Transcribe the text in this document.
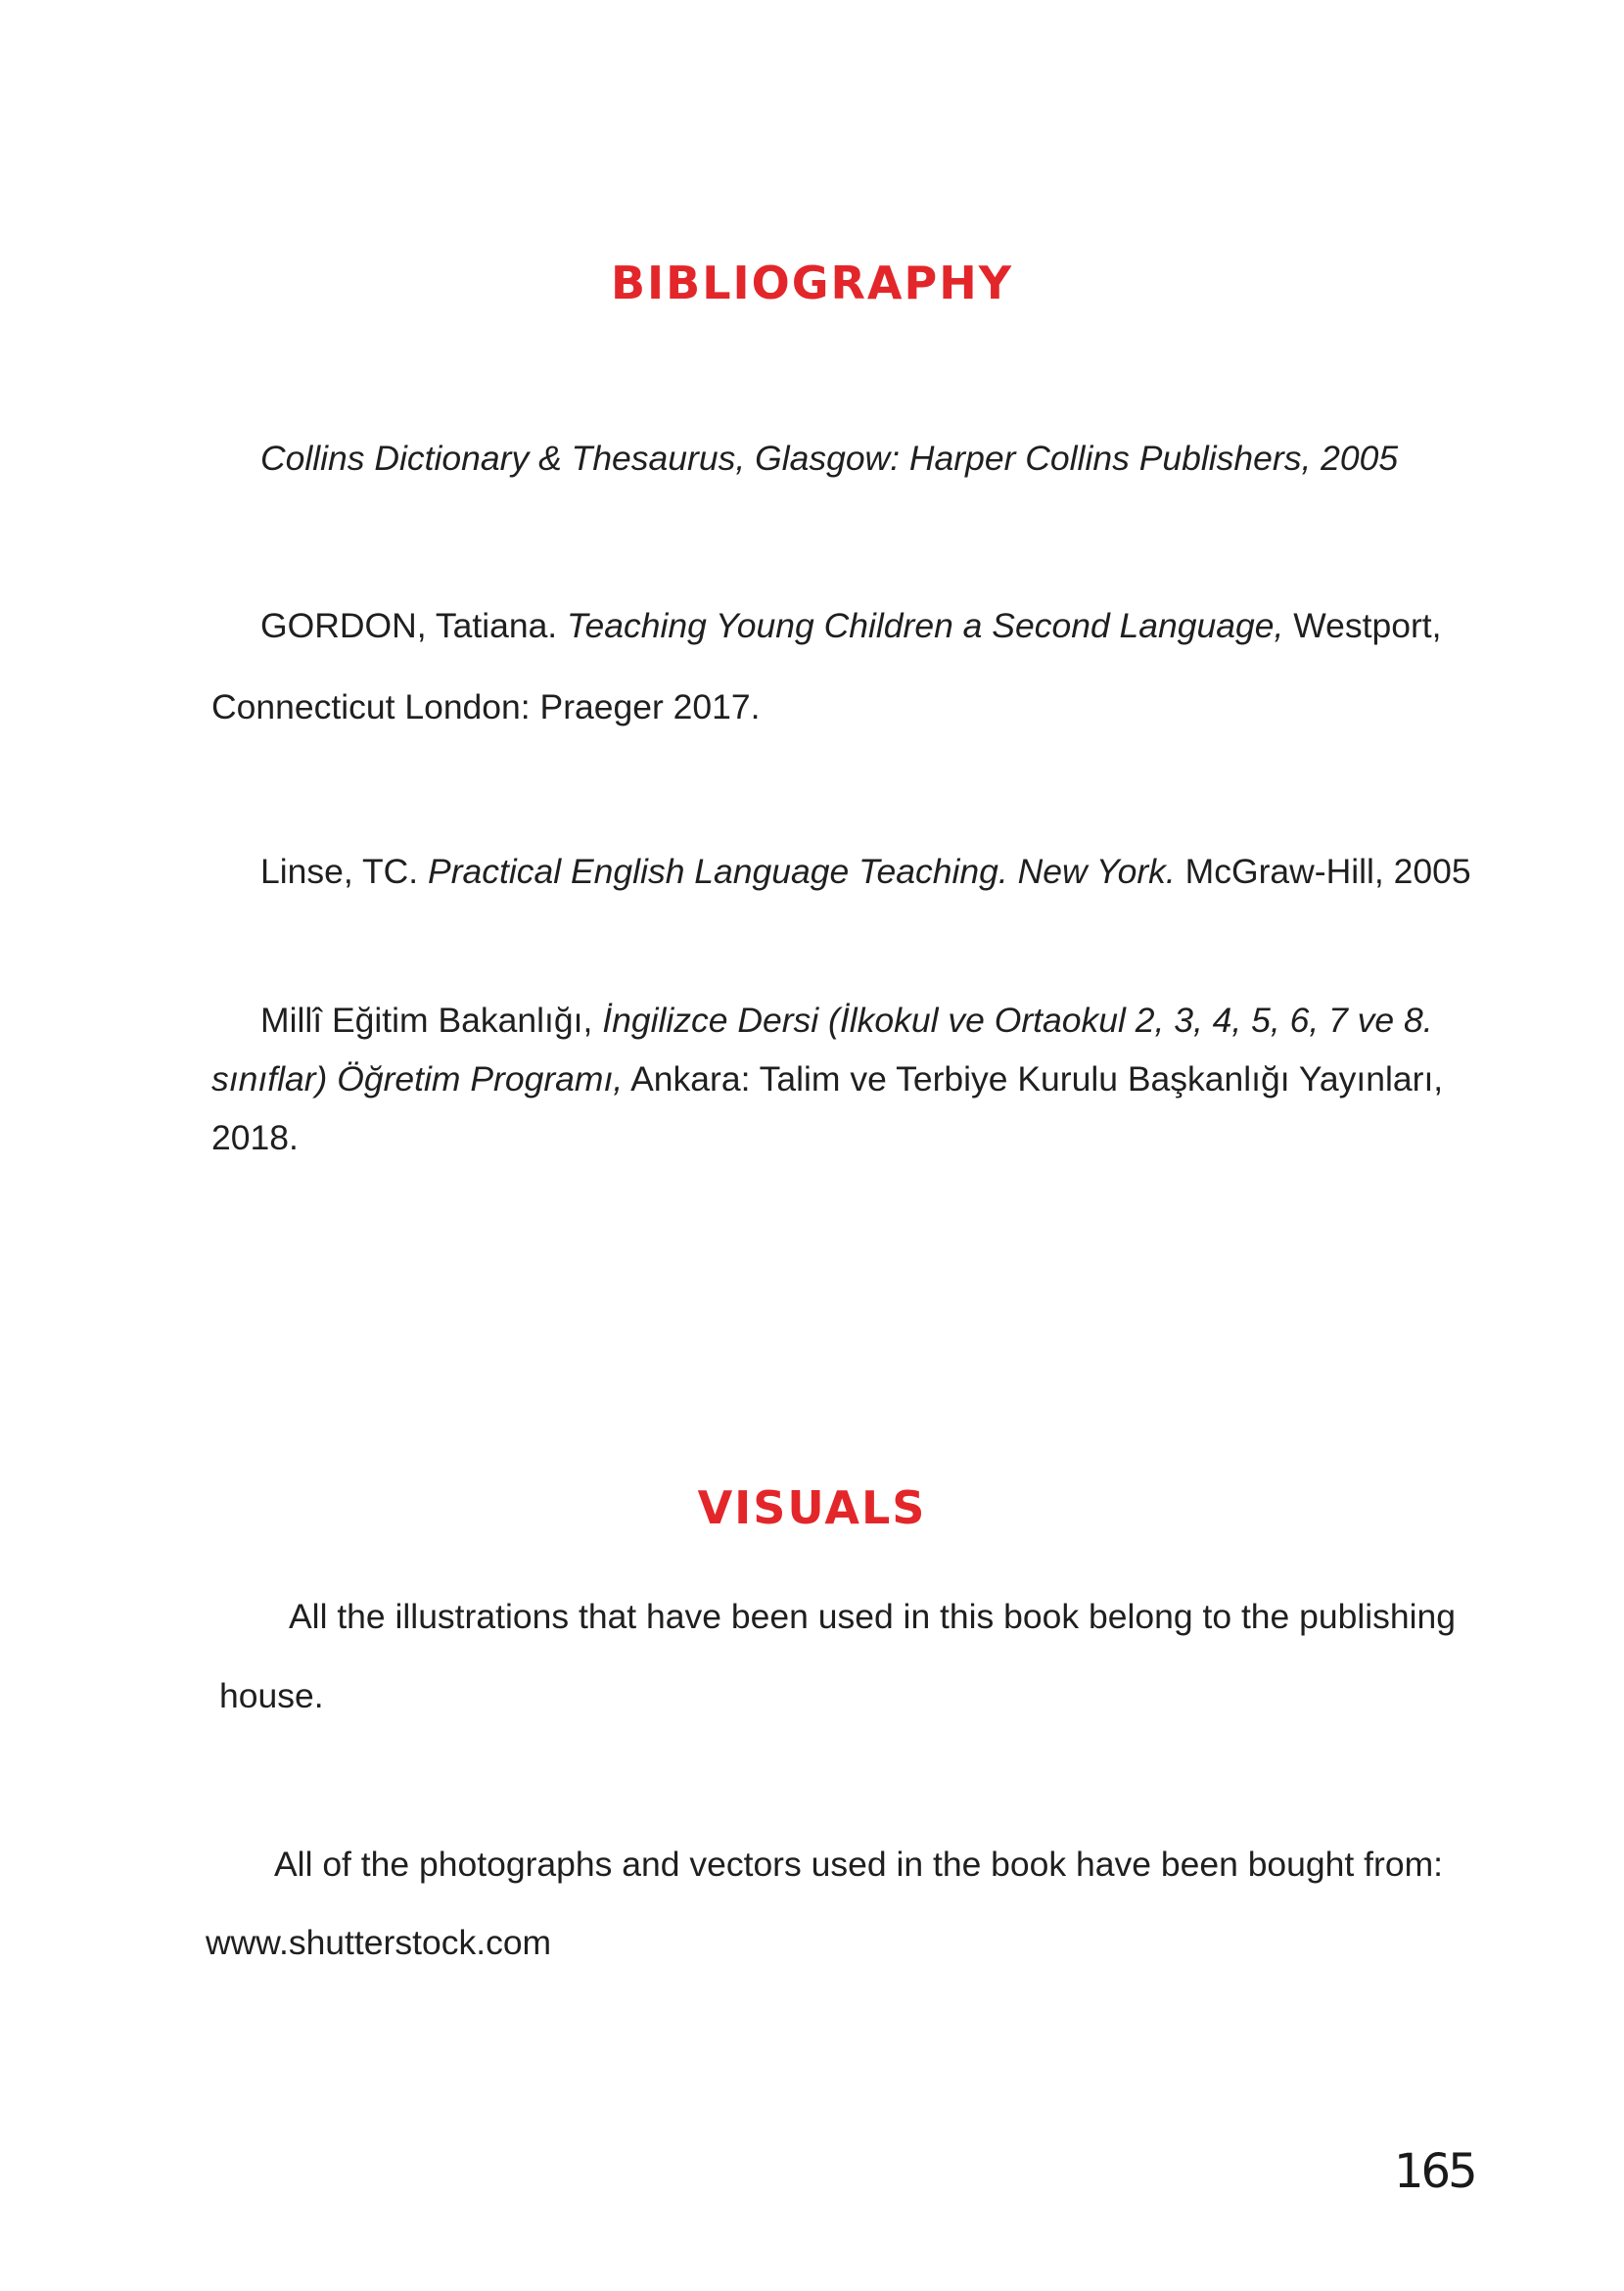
BIBLIOGRAPHY

Collins Dictionary & Thesaurus, Glasgow: Harper Collins Publishers, 2005

GORDON, Tatiana. Teaching Young Children a Second Language, Westport,

Connecticut London: Praeger 2017.

Linse, TC. Practical English Language Teaching. New York. McGraw-Hill, 2005

Millî Eğitim Bakanlığı, İngilizce Dersi (İlkokul ve Ortaokul 2, 3, 4, 5, 6, 7 ve 8.

sınıflar) Öğretim Programı, Ankara: Talim ve Terbiye Kurulu Başkanlığı Yayınları,

2018.

VISUALS

All the illustrations that have been used in this book belong to the publishing

house.

All of the photographs and vectors used in the book have been bought from:

www.shutterstock.com

165
